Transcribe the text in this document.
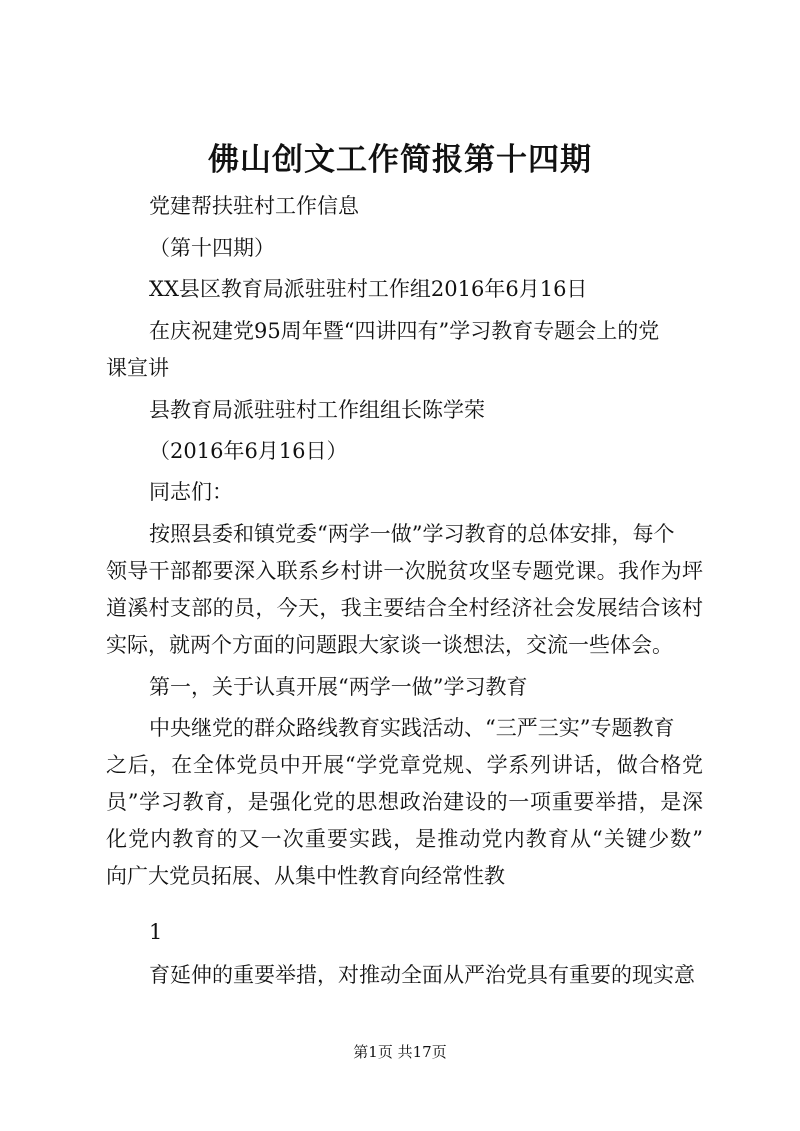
佛山创文工作简报第十四期

党建帮扶驻村工作信息

（第十四期）

XX县区教育局派驻驻村工作组2016年6月16日

在庆祝建党95周年暨“四讲四有”学习教育专题会上的党

课宣讲

县教育局派驻驻村工作组组长陈学荣

（2016年6月16日）

同志们：

按照县委和镇党委“两学一做”学习教育的总体安排，每个

领导干部都要深入联系乡村讲一次脱贫攻坚专题党课。我作为坪

道溪村支部的员，今天，我主要结合全村经济社会发展结合该村

实际，就两个方面的问题跟大家谈一谈想法，交流一些体会。

第一，关于认真开展“两学一做”学习教育

中央继党的群众路线教育实践活动、“三严三实”专题教育

之后，在全体党员中开展“学党章党规、学系列讲话，做合格党

员”学习教育，是强化党的思想政治建设的一项重要举措，是深

化党内教育的又一次重要实践，是推动党内教育从“关键少数”

向广大党员拓展、从集中性教育向经常性教

1

育延伸的重要举措，对推动全面从严治党具有重要的现实意

第1页 共17页
